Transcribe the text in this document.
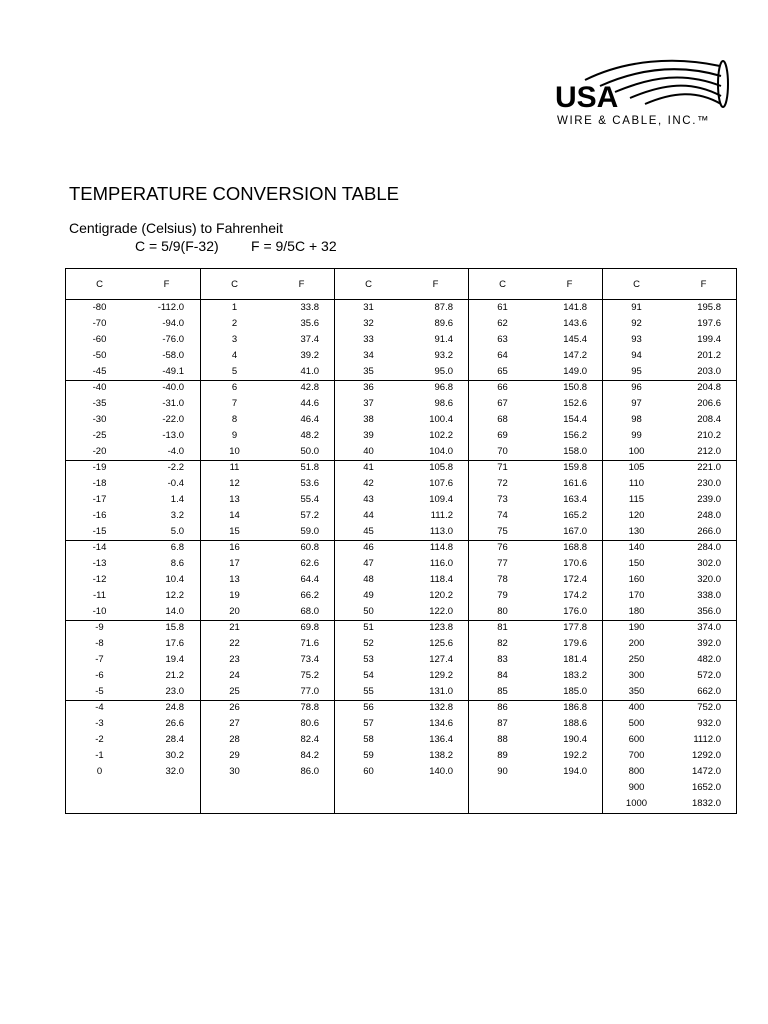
USA
WIRE & CABLE, INC.™
TEMPERATURE CONVERSION TABLE
Centigrade (Celsius) to Fahrenheit
C = 5/9(F-32) F = 9/5C + 32
C	F
-80	-112.0
-70	-94.0
-60	-76.0
-50	-58.0
-45	-49.1
-40	-40.0
-35	-31.0
-30	-22.0
-25	-13.0
-20	-4.0
-19	-2.2
-18	-0.4
-17	1.4
-16	3.2
-15	5.0
-14	6.8
-13	8.6
-12	10.4
-11	12.2
-10	14.0
-9	15.8
-8	17.6
-7	19.4
-6	21.2
-5	23.0
-4	24.8
-3	26.6
-2	28.4
-1	30.2
0	32.0
C	F
1	33.8
2	35.6
3	37.4
4	39.2
5	41.0
6	42.8
7	44.6
8	46.4
9	48.2
10	50.0
11	51.8
12	53.6
13	55.4
14	57.2
15	59.0
16	60.8
17	62.6
13	64.4
19	66.2
20	68.0
21	69.8
22	71.6
23	73.4
24	75.2
25	77.0
26	78.8
27	80.6
28	82.4
29	84.2
30	86.0
C	F
31	87.8
32	89.6
33	91.4
34	93.2
35	95.0
36	96.8
37	98.6
38	100.4
39	102.2
40	104.0
41	105.8
42	107.6
43	109.4
44	111.2
45	113.0
46	114.8
47	116.0
48	118.4
49	120.2
50	122.0
51	123.8
52	125.6
53	127.4
54	129.2
55	131.0
56	132.8
57	134.6
58	136.4
59	138.2
60	140.0
C	F
61	141.8
62	143.6
63	145.4
64	147.2
65	149.0
66	150.8
67	152.6
68	154.4
69	156.2
70	158.0
71	159.8
72	161.6
73	163.4
74	165.2
75	167.0
76	168.8
77	170.6
78	172.4
79	174.2
80	176.0
81	177.8
82	179.6
83	181.4
84	183.2
85	185.0
86	186.8
87	188.6
88	190.4
89	192.2
90	194.0
C	F
91	195.8
92	197.6
93	199.4
94	201.2
95	203.0
96	204.8
97	206.6
98	208.4
99	210.2
100	212.0
105	221.0
110	230.0
115	239.0
120	248.0
130	266.0
140	284.0
150	302.0
160	320.0
170	338.0
180	356.0
190	374.0
200	392.0
250	482.0
300	572.0
350	662.0
400	752.0
500	932.0
600	1112.0
700	1292.0
800	1472.0
900	1652.0
1000	1832.0
